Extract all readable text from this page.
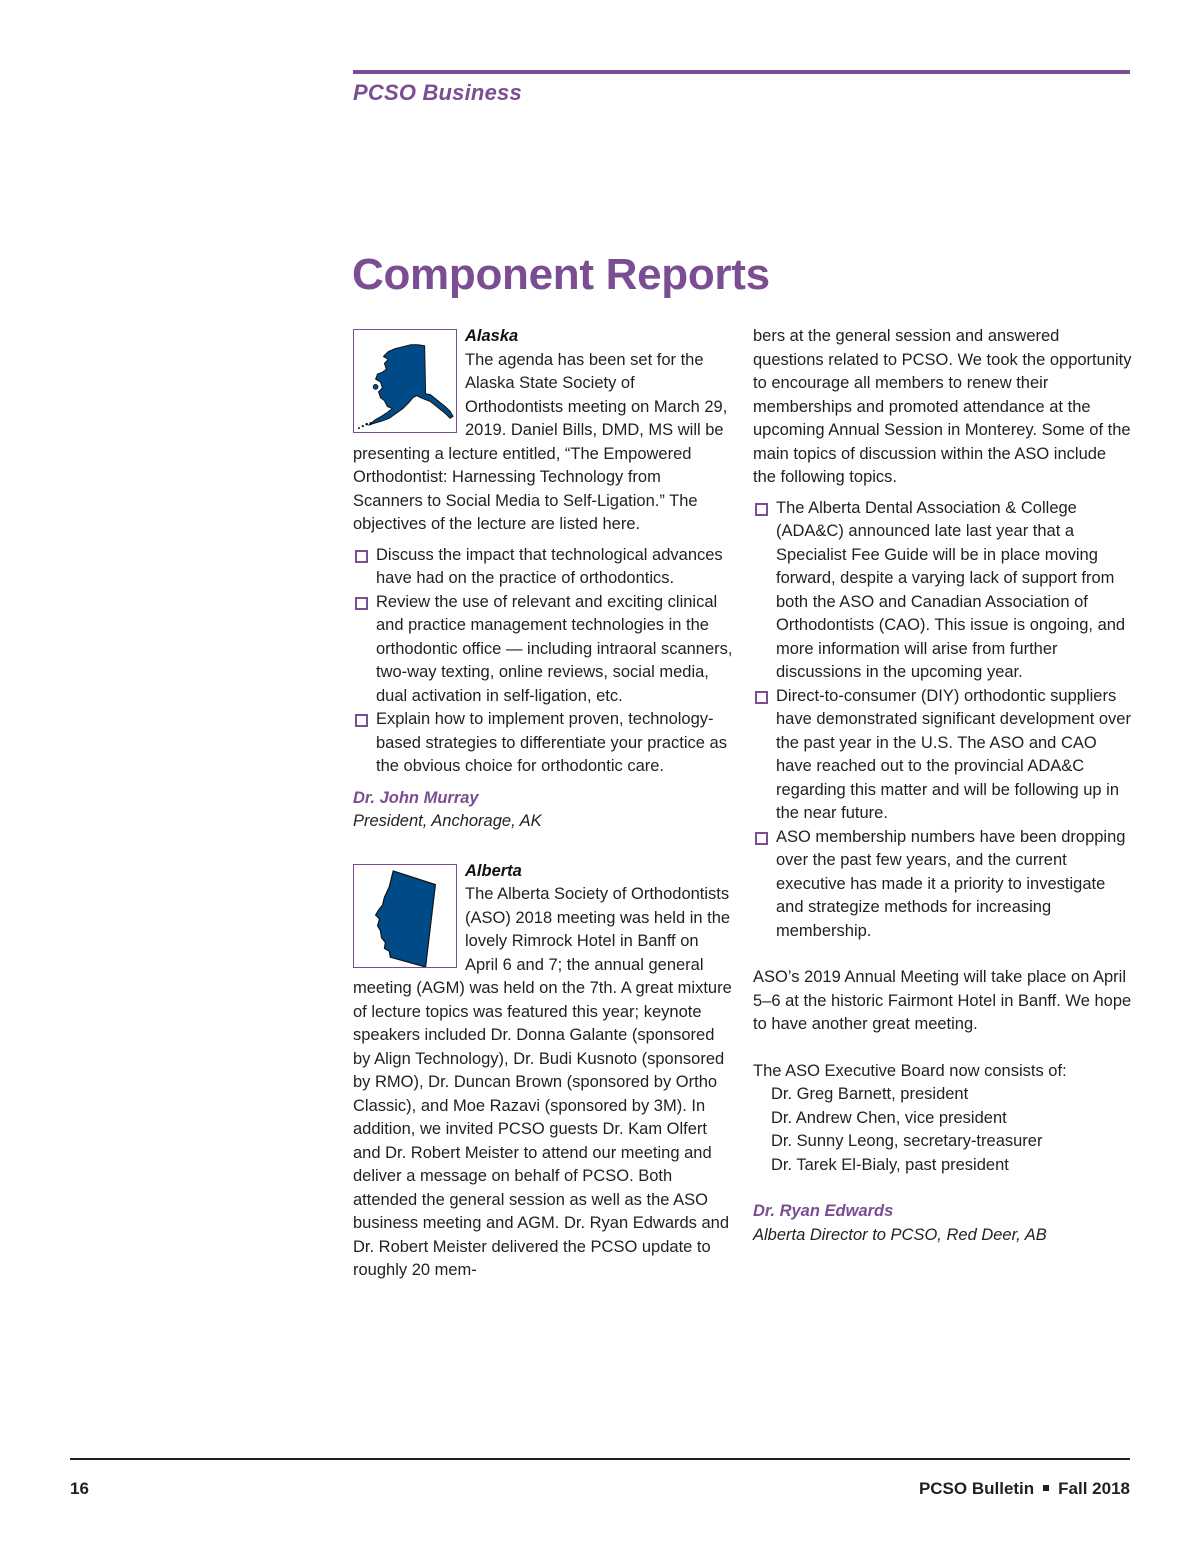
PCSO Business
Component Reports

Alaska
The agenda has been set for the Alaska State Society of Orthodontists meeting on March 29, 2019. Daniel Bills, DMD, MS will be presenting a lecture entitled, “The Empowered Orthodontist: Harnessing Technology from Scanners to Social Media to Self-Ligation.” The objectives of the lecture are listed here.

Discuss the impact that technological advances have had on the practice of orthodontics.
Review the use of relevant and exciting clinical and practice management technologies in the orthodontic office — including intraoral scanners, two-way texting, online reviews, social media, dual activation in self-ligation, etc.
Explain how to implement proven, technology-based strategies to differentiate your practice as the obvious choice for orthodontic care.

Dr. John Murray

President, Anchorage, AK

Alberta
The Alberta Society of Orthodontists (ASO) 2018 meeting was held in the lovely Rimrock Hotel in Banff on April 6 and 7; the annual general meeting (AGM) was held on the 7th. A great mixture of lecture topics was featured this year; keynote speakers included Dr. Donna Galante (sponsored by Align Technology), Dr. Budi Kusnoto (sponsored by RMO), Dr. Duncan Brown (sponsored by Ortho Classic), and Moe Razavi (sponsored by 3M). In addition, we invited PCSO guests Dr. Kam Olfert and Dr. Robert Meister to attend our meeting and deliver a message on behalf of PCSO. Both attended the general session as well as the ASO business meeting and AGM. Dr. Ryan Edwards and Dr. Robert Meister delivered the PCSO update to roughly 20 mem-

bers at the general session and answered questions related to PCSO. We took the opportunity to encourage all members to renew their memberships and promoted attendance at the upcoming Annual Session in Monterey. Some of the main topics of discussion within the ASO include the following topics.

The Alberta Dental Association & College (ADA&C) announced late last year that a Specialist Fee Guide will be in place moving forward, despite a varying lack of support from both the ASO and Canadian Association of Orthodontists (CAO). This issue is ongoing, and more information will arise from further discussions in the upcoming year.
Direct-to-consumer (DIY) orthodontic suppliers have demonstrated significant development over the past year in the U.S. The ASO and CAO have reached out to the provincial ADA&C regarding this matter and will be following up in the near future.
ASO membership numbers have been dropping over the past few years, and the current executive has made it a priority to investigate and strategize methods for increasing membership.

ASO’s 2019 Annual Meeting will take place on April 5–6 at the historic Fairmont Hotel in Banff. We hope to have another great meeting.

The ASO Executive Board now consists of:

Dr. Greg Barnett, president
Dr. Andrew Chen, vice president
Dr. Sunny Leong, secretary-treasurer
Dr. Tarek El-Bialy, past president

Dr. Ryan Edwards

Alberta Director to PCSO, Red Deer, AB

16	PCSO Bulletin Fall 2018
